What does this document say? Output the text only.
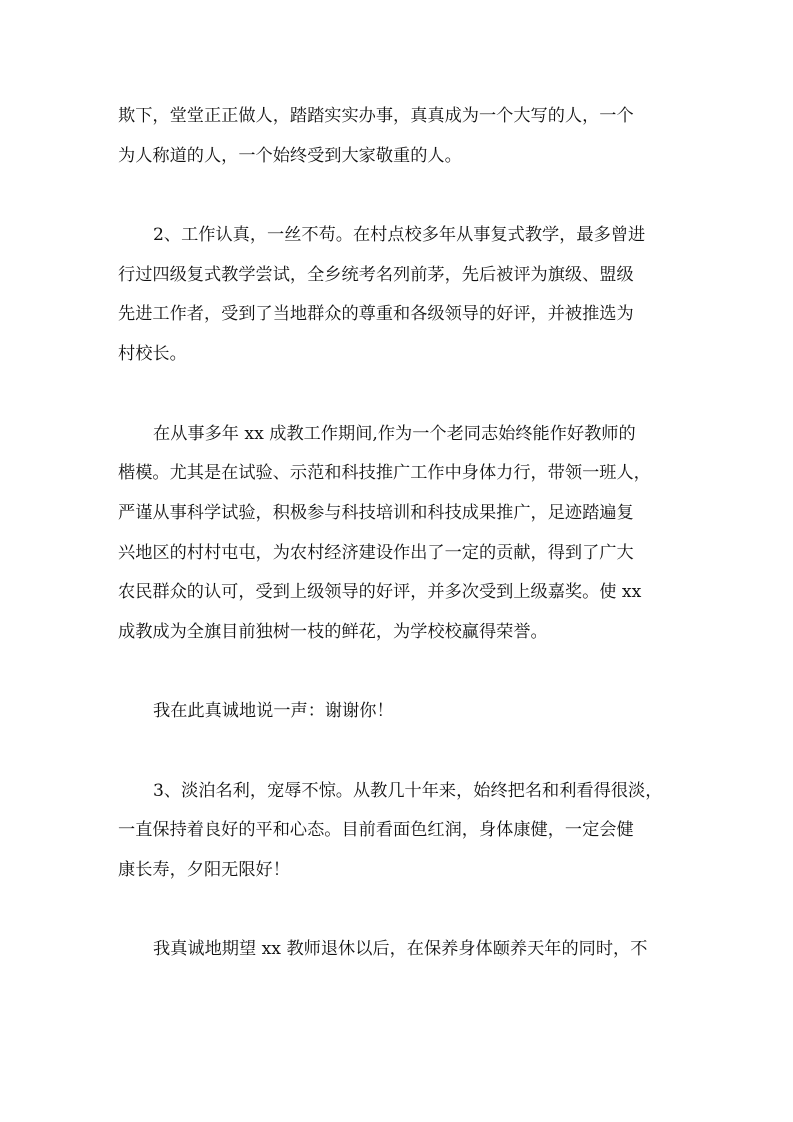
欺下，堂堂正正做人，踏踏实实办事，真真成为一个大写的人，一个
为人称道的人，一个始终受到大家敬重的人。
2、工作认真，一丝不苟。在村点校多年从事复式教学，最多曾进
行过四级复式教学尝试，全乡统考名列前茅，先后被评为旗级、盟级
先进工作者，受到了当地群众的尊重和各级领导的好评，并被推选为
村校长。
在从事多年 xx 成教工作期间,作为一个老同志始终能作好教师的
楷模。尤其是在试验、示范和科技推广工作中身体力行，带领一班人，
严谨从事科学试验，积极参与科技培训和科技成果推广，足迹踏遍复
兴地区的村村屯屯，为农村经济建设作出了一定的贡献，得到了广大
农民群众的认可，受到上级领导的好评，并多次受到上级嘉奖。使 xx
成教成为全旗目前独树一枝的鲜花，为学校校赢得荣誉。
我在此真诚地说一声：谢谢你！
3、淡泊名利，宠辱不惊。从教几十年来，始终把名和利看得很淡，
一直保持着良好的平和心态。目前看面色红润，身体康健，一定会健
康长寿，夕阳无限好！
我真诚地期望 xx 教师退休以后，在保养身体颐养天年的同时，不
